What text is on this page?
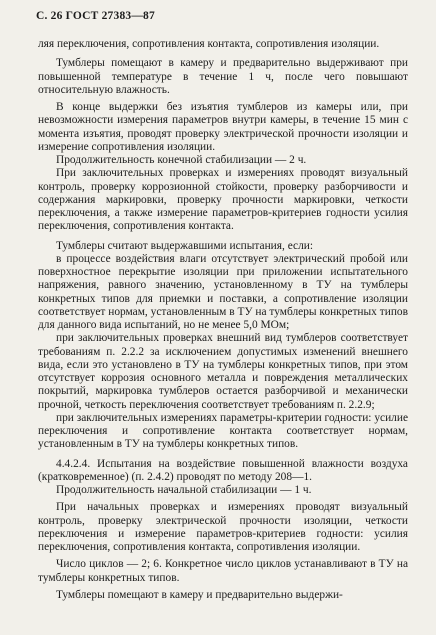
С. 26 ГОСТ 27383—87

ляя переключения, сопротивления контакта, сопротивления изоляции.

Тумблеры помещают в камеру и предварительно выдерживают при повышенной температуре в течение 1 ч, после чего повышают относительную влажность.

В конце выдержки без изъятия тумблеров из камеры или, при невозможности измерения параметров внутри камеры, в течение 15 мин с момента изъятия, проводят проверку электрической прочности изоляции и измерение сопротивления изоляции.

Продолжительность конечной стабилизации — 2 ч.

При заключительных проверках и измерениях проводят визуальный контроль, проверку коррозионной стойкости, проверку разборчивости и содержания маркировки, проверку прочности маркировки, четкости переключения, а также измерение параметров-критериев годности усилия переключения, сопротивления контакта.

Тумблеры считают выдержавшими испытания, если:

в процессе воздействия влаги отсутствует электрический пробой или поверхностное перекрытие изоляции при приложении испытательного напряжения, равного значению, установленному в ТУ на тумблеры конкретных типов для приемки и поставки, а сопротивление изоляции соответствует нормам, установленным в ТУ на тумблеры конкретных типов для данного вида испытаний, но не менее 5,0 МОм;

при заключительных проверках внешний вид тумблеров соответствует требованиям п. 2.2.2 за исключением допустимых изменений внешнего вида, если это установлено в ТУ на тумблеры конкретных типов, при этом отсутствует коррозия основного металла и повреждения металлических покрытий, маркировка тумблеров остается разборчивой и механически прочной, четкость переключения соответствует требованиям п. 2.2.9;

при заключительных измерениях параметры-критерии годности: усилие переключения и сопротивление контакта соответствует нормам, установленным в ТУ на тумблеры конкретных типов.

4.4.2.4. Испытания на воздействие повышенной влажности воздуха (кратковременное) (п. 2.4.2) проводят по методу 208—1.

Продолжительность начальной стабилизации — 1 ч.

При начальных проверках и измерениях проводят визуальный контроль, проверку электрической прочности изоляции, четкости переключения и измерение параметров-критериев годности: усилия переключения, сопротивления контакта, сопротивления изоляции.

Число циклов — 2; 6. Конкретное число циклов устанавливают в ТУ на тумблеры конкретных типов.

Тумблеры помещают в камеру и предварительно выдержи-
